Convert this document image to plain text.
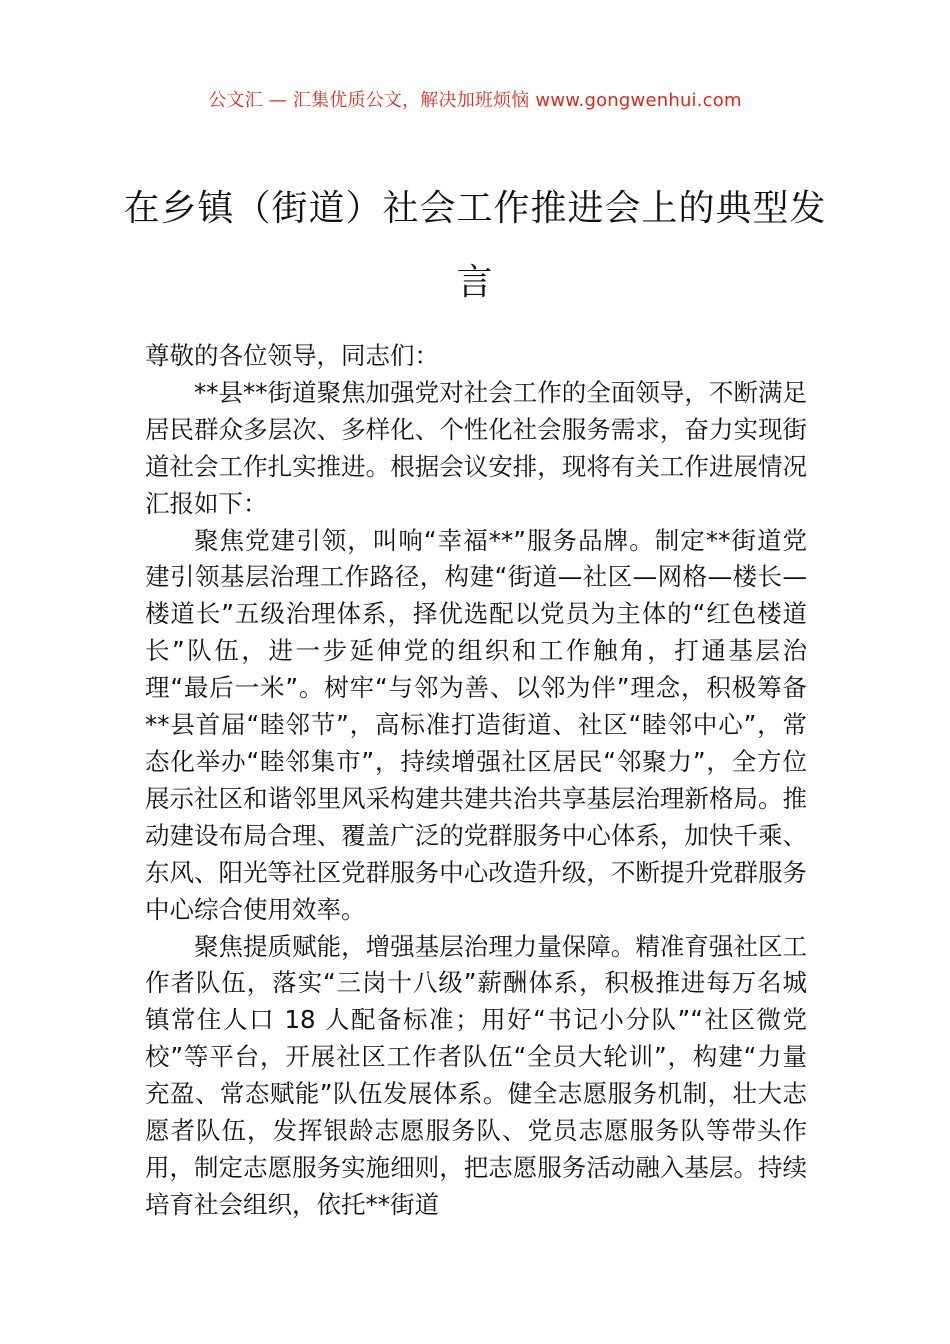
公文汇 — 汇集优质公文，解决加班烦恼 www.gongwenhui.com
在乡镇（街道）社会工作推进会上的典型发言

尊敬的各位领导，同志们：

**县**街道聚焦加强党对社会工作的全面领导，不断满足居民群众多层次、多样化、个性化社会服务需求，奋力实现街道社会工作扎实推进。根据会议安排，现将有关工作进展情况汇报如下：

聚焦党建引领，叫响“幸福**”服务品牌。制定**街道党建引领基层治理工作路径，构建“街道—社区—网格—楼长—楼道长”五级治理体系，择优选配以党员为主体的“红色楼道长”队伍，进一步延伸党的组织和工作触角，打通基层治理“最后一米”。树牢“与邻为善、以邻为伴”理念，积极筹备**县首届“睦邻节”，高标准打造街道、社区“睦邻中心”，常态化举办“睦邻集市”，持续增强社区居民“邻聚力”，全方位展示社区和谐邻里风采构建共建共治共享基层治理新格局。推动建设布局合理、覆盖广泛的党群服务中心体系，加快千乘、东风、阳光等社区党群服务中心改造升级，不断提升党群服务中心综合使用效率。

聚焦提质赋能，增强基层治理力量保障。精准育强社区工作者队伍，落实“三岗十八级”薪酬体系，积极推进每万名城镇常住人口 18 人配备标准；用好“书记小分队”“社区微党校”等平台，开展社区工作者队伍“全员大轮训”，构建“力量充盈、常态赋能”队伍发展体系。健全志愿服务机制，壮大志愿者队伍，发挥银龄志愿服务队、党员志愿服务队等带头作用，制定志愿服务实施细则，把志愿服务活动融入基层。持续培育社会组织，依托**街道
